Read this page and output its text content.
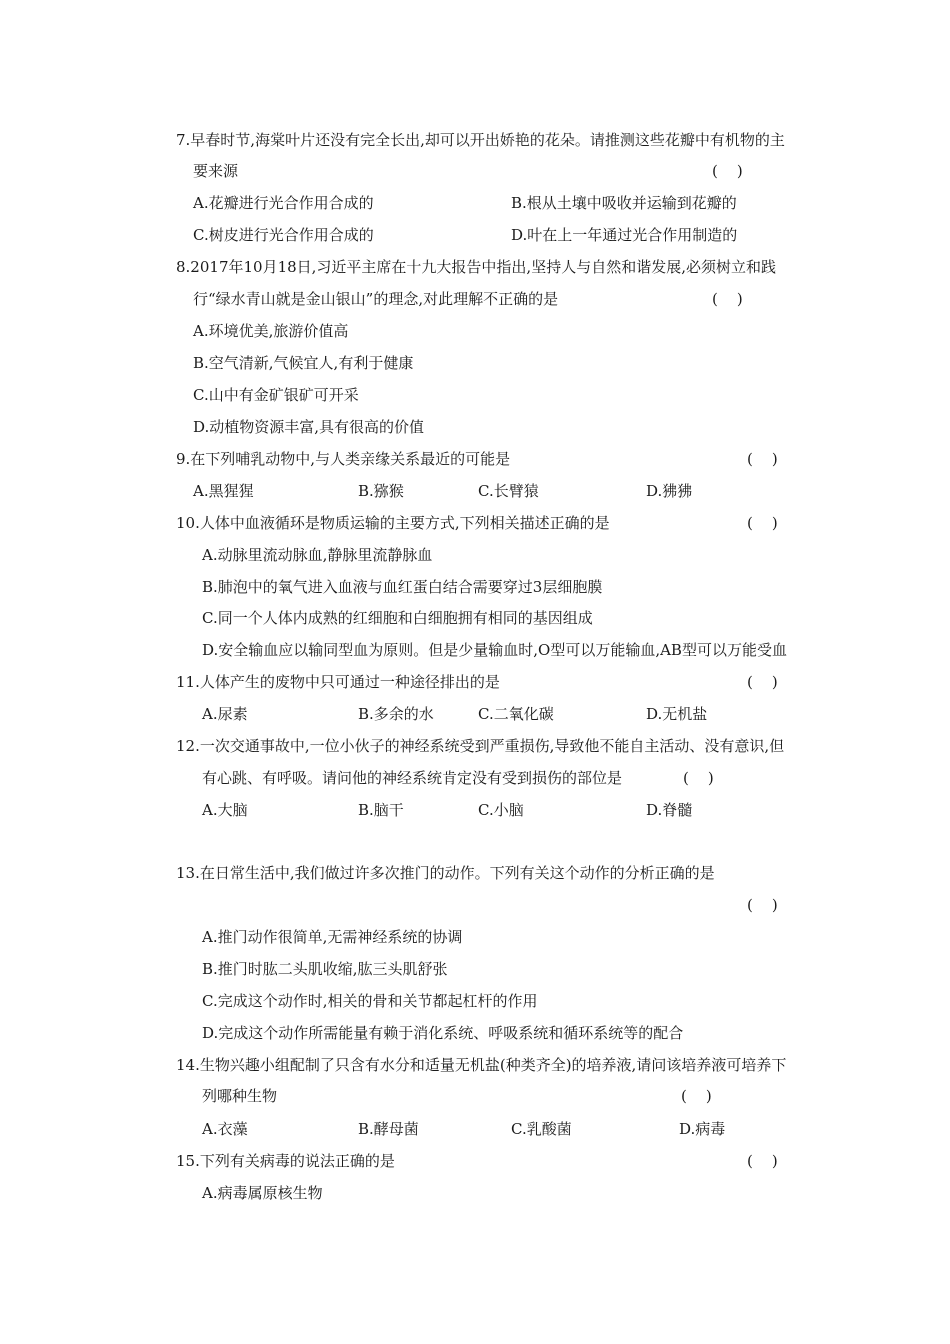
7.早春时节,海棠叶片还没有完全长出,却可以开出娇艳的花朵。请推测这些花瓣中有机物的主
要来源	(    )
A.花瓣进行光合作用合成的	B.根从土壤中吸收并运输到花瓣的
C.树皮进行光合作用合成的	D.叶在上一年通过光合作用制造的
8.2017年10月18日,习近平主席在十九大报告中指出,坚持人与自然和谐发展,必须树立和践
行“绿水青山就是金山银山”的理念,对此理解不正确的是	(    )
A.环境优美,旅游价值高
B.空气清新,气候宜人,有利于健康
C.山中有金矿银矿可开采
D.动植物资源丰富,具有很高的价值
9.在下列哺乳动物中,与人类亲缘关系最近的可能是	(    )
A.黑猩猩	B.猕猴	C.长臂猿	D.狒狒
10.人体中血液循环是物质运输的主要方式,下列相关描述正确的是	(    )
A.动脉里流动脉血,静脉里流静脉血
B.肺泡中的氧气进入血液与血红蛋白结合需要穿过3层细胞膜
C.同一个人体内成熟的红细胞和白细胞拥有相同的基因组成
D.安全输血应以输同型血为原则。但是少量输血时,O型可以万能输血,AB型可以万能受血
11.人体产生的废物中只可通过一种途径排出的是	(    )
A.尿素	B.多余的水	C.二氧化碳	D.无机盐
12.一次交通事故中,一位小伙子的神经系统受到严重损伤,导致他不能自主活动、没有意识,但
有心跳、有呼吸。请问他的神经系统肯定没有受到损伤的部位是	(    )
A.大脑	B.脑干	C.小脑	D.脊髓
13.在日常生活中,我们做过许多次推门的动作。下列有关这个动作的分析正确的是
(    )
A.推门动作很简单,无需神经系统的协调
B.推门时肱二头肌收缩,肱三头肌舒张
C.完成这个动作时,相关的骨和关节都起杠杆的作用
D.完成这个动作所需能量有赖于消化系统、呼吸系统和循环系统等的配合
14.生物兴趣小组配制了只含有水分和适量无机盐(种类齐全)的培养液,请问该培养液可培养下
列哪种生物	(    )
A.衣藻	B.酵母菌	C.乳酸菌	D.病毒
15.下列有关病毒的说法正确的是	(    )
A.病毒属原核生物
